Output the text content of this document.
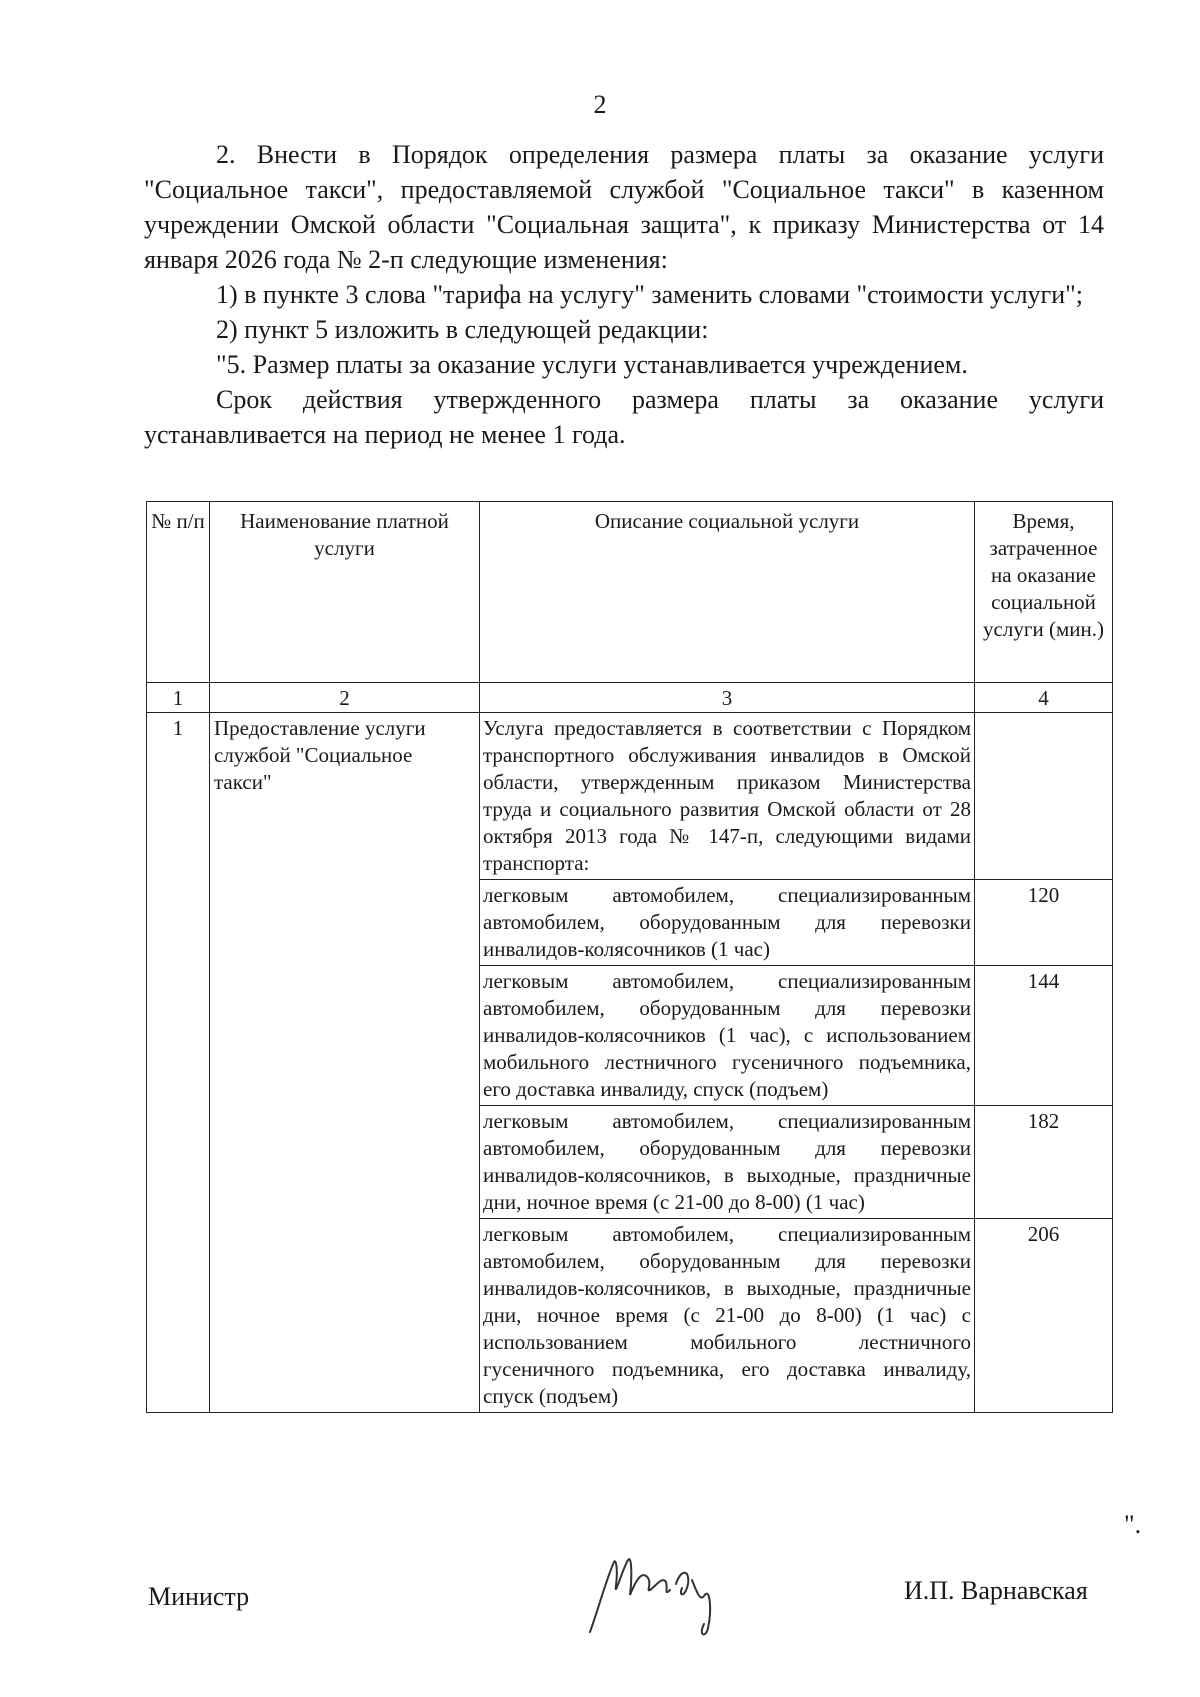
2

2. Внести в Порядок определения размера платы за оказание услуги "Социальное такси", предоставляемой службой "Социальное такси" в казенном учреждении Омской области "Социальная защита", к приказу Министерства от 14 января 2026 года № 2-п следующие изменения:

1) в пункте 3 слова "тарифа на услугу" заменить словами "стоимости услуги";

2) пункт 5 изложить в следующей редакции:

"5. Размер платы за оказание услуги устанавливается учреждением.

Срок действия утвержденного размера платы за оказание услуги устанавливается на период не менее 1 года.

№ п/п	Наименование платной услуги	Описание социальной услуги	Время, затраченное на оказание социальной услуги (мин.)
1	2	3	4
1	Предоставление услуги службой "Социальное такси"	Услуга предоставляется в соответствии с Порядком транспортного обслуживания инвалидов в Омской области, утвержденным приказом Министерства труда и социального развития Омской области от 28 октября 2013 года № 147-п, следующими видами транспорта:	
		легковым автомобилем, специализированным автомобилем, оборудованным для перевозки инвалидов-колясочников (1 час)	120
		легковым автомобилем, специализированным автомобилем, оборудованным для перевозки инвалидов-колясочников (1 час), с использованием мобильного лестничного гусеничного подъемника, его доставка инвалиду, спуск (подъем)	144
		легковым автомобилем, специализированным автомобилем, оборудованным для перевозки инвалидов-колясочников, в выходные, праздничные дни, ночное время (с 21-00 до 8-00) (1 час)	182
		легковым автомобилем, специализированным автомобилем, оборудованным для перевозки инвалидов-колясочников, в выходные, праздничные дни, ночное время (с 21-00 до 8-00) (1 час) с использованием мобильного лестничного гусеничного подъемника, его доставка инвалиду, спуск (подъем)	206
".
Министр	И.П. Варнавская
